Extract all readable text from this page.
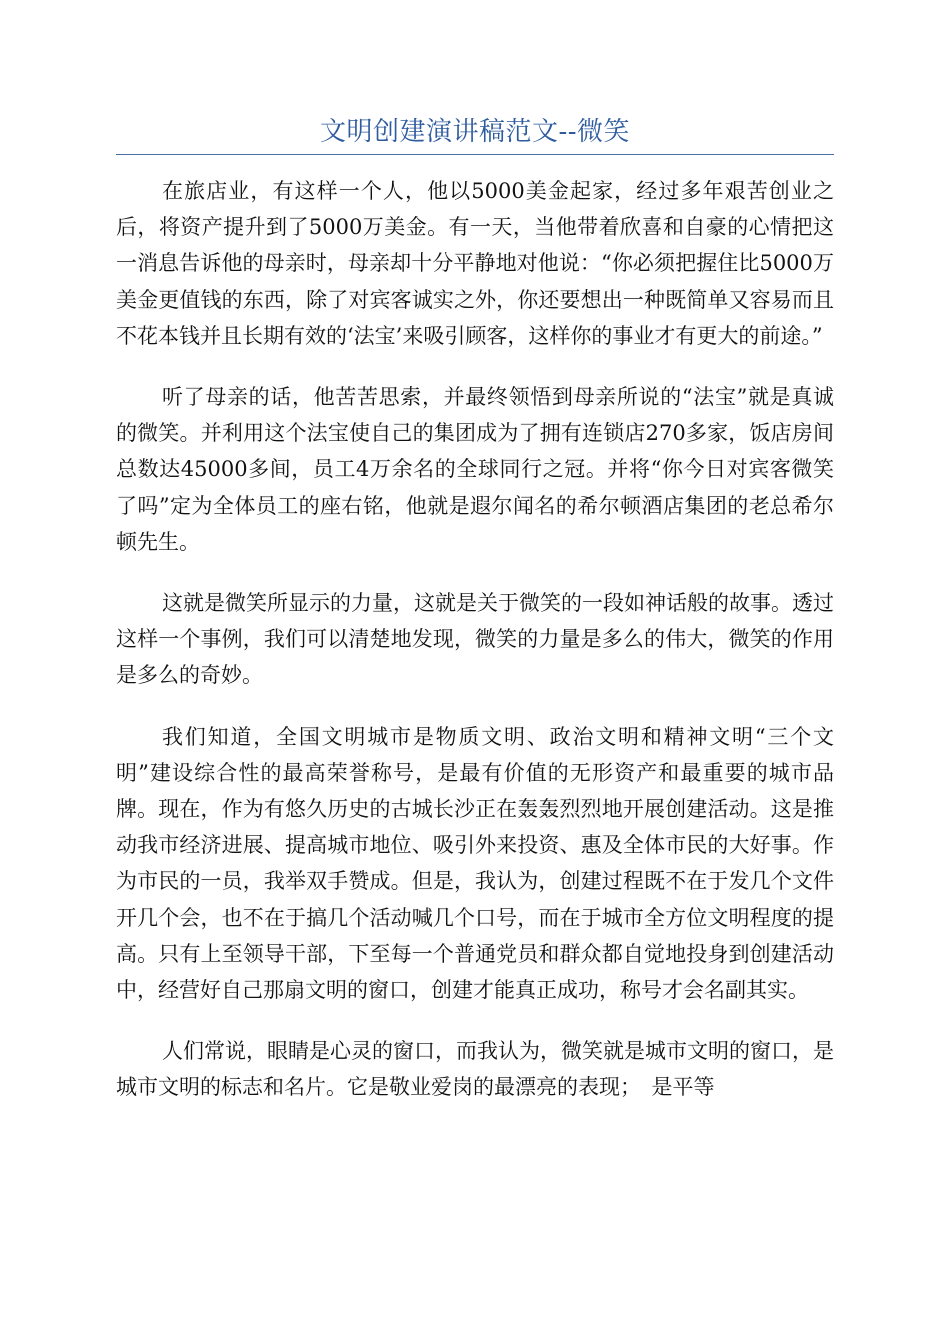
文明创建演讲稿范文--微笑

在旅店业，有这样一个人，他以5000美金起家，经过多年艰苦创业之后，将资产提升到了5000万美金。有一天，当他带着欣喜和自豪的心情把这一消息告诉他的母亲时，母亲却十分平静地对他说：“你必须把握住比5000万美金更值钱的东西，除了对宾客诚实之外，你还要想出一种既简单又容易而且不花本钱并且长期有效的‘法宝’来吸引顾客，这样你的事业才有更大的前途。”

听了母亲的话，他苦苦思索，并最终领悟到母亲所说的“法宝”就是真诚的微笑。并利用这个法宝使自己的集团成为了拥有连锁店270多家，饭店房间总数达45000多间，员工4万余名的全球同行之冠。并将“你今日对宾客微笑了吗”定为全体员工的座右铭，他就是遐尔闻名的希尔顿酒店集团的老总希尔顿先生。

这就是微笑所显示的力量，这就是关于微笑的一段如神话般的故事。透过这样一个事例，我们可以清楚地发现，微笑的力量是多么的伟大，微笑的作用是多么的奇妙。

我们知道，全国文明城市是物质文明、政治文明和精神文明“三个文明”建设综合性的最高荣誉称号，是最有价值的无形资产和最重要的城市品牌。现在，作为有悠久历史的古城长沙正在轰轰烈烈地开展创建活动。这是推动我市经济进展、提高城市地位、吸引外来投资、惠及全体市民的大好事。作为市民的一员，我举双手赞成。但是，我认为，创建过程既不在于发几个文件开几个会，也不在于搞几个活动喊几个口号，而在于城市全方位文明程度的提高。只有上至领导干部，下至每一个普通党员和群众都自觉地投身到创建活动中，经营好自己那扇文明的窗口，创建才能真正成功，称号才会名副其实。

人们常说，眼睛是心灵的窗口，而我认为，微笑就是城市文明的窗口，是城市文明的标志和名片。它是敬业爱岗的最漂亮的表现；　是平等
